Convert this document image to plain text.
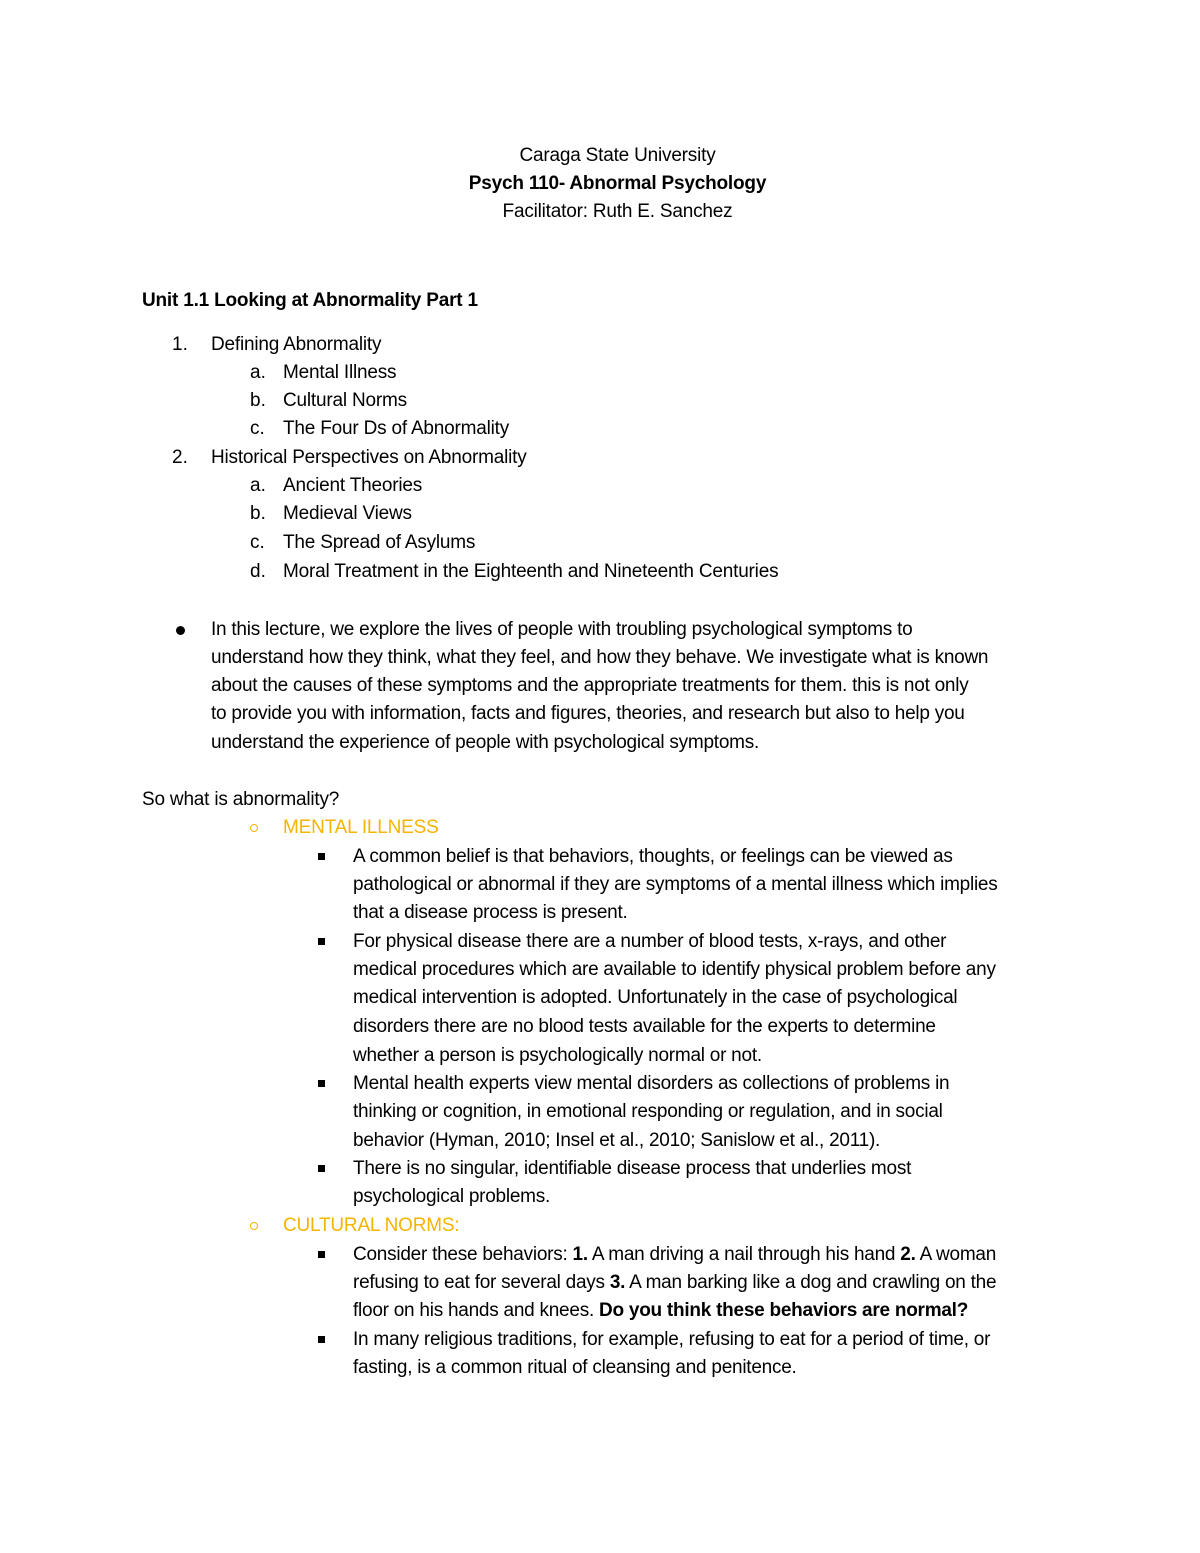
Caraga State University
Psych 110- Abnormal Psychology
Facilitator: Ruth E. Sanchez
Unit 1.1 Looking at Abnormality Part 1
1. Defining Abnormality
a. Mental Illness
b. Cultural Norms
c. The Four Ds of Abnormality
2. Historical Perspectives on Abnormality
a. Ancient Theories
b. Medieval Views
c. The Spread of Asylums
d. Moral Treatment in the Eighteenth and Nineteenth Centuries
In this lecture, we explore the lives of people with troubling psychological symptoms to
understand how they think, what they feel, and how they behave. We investigate what is known
about the causes of these symptoms and the appropriate treatments for them. this is not only
to provide you with information, facts and figures, theories, and research but also to help you
understand the experience of people with psychological symptoms.
So what is abnormality?
MENTAL ILLNESS
A common belief is that behaviors, thoughts, or feelings can be viewed as
pathological or abnormal if they are symptoms of a mental illness which implies
that a disease process is present.
For physical disease there are a number of blood tests, x-rays, and other
medical procedures which are available to identify physical problem before any
medical intervention is adopted. Unfortunately in the case of psychological
disorders there are no blood tests available for the experts to determine
whether a person is psychologically normal or not.
Mental health experts view mental disorders as collections of problems in
thinking or cognition, in emotional responding or regulation, and in social
behavior (Hyman, 2010; Insel et al., 2010; Sanislow et al., 2011).
There is no singular, identifiable disease process that underlies most
psychological problems.
CULTURAL NORMS:
Consider these behaviors: 1. A man driving a nail through his hand 2. A woman
refusing to eat for several days 3. A man barking like a dog and crawling on the
floor on his hands and knees. Do you think these behaviors are normal?
In many religious traditions, for example, refusing to eat for a period of time, or
fasting, is a common ritual of cleansing and penitence.
